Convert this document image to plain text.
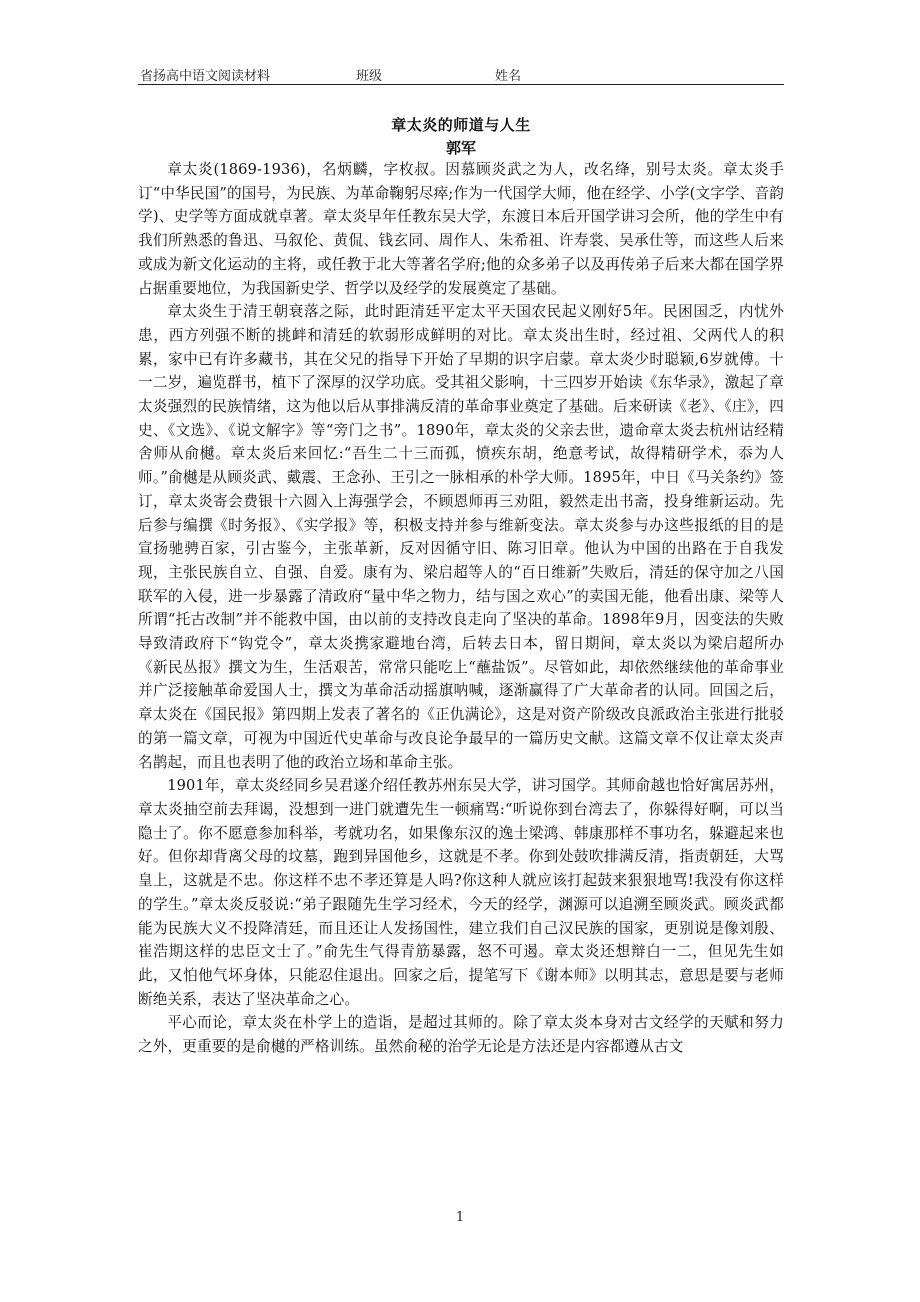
省扬高中语文阅读材料	班级	姓名
章太炎的师道与人生
郭军

章太炎(1869-1936)，名炳麟，字枚叔。因慕顾炎武之为人，改名绛，别号太炎。章太炎手订“中华民国”的国号，为民族、为革命鞠躬尽瘁;作为一代国学大师，他在经学、小学(文字学、音韵学)、史学等方面成就卓著。章太炎早年任教东吴大学，东渡日本后开国学讲习会所，他的学生中有我们所熟悉的鲁迅、马叙伦、黄侃、钱玄同、周作人、朱希祖、许寿裳、吴承仕等，而这些人后来或成为新文化运动的主将，或任教于北大等著名学府;他的众多弟子以及再传弟子后来大都在国学界占据重要地位，为我国新史学、哲学以及经学的发展奠定了基础。

章太炎生于清王朝衰落之际，此时距清廷平定太平天国农民起义刚好5年。民困国乏，内忧外患，西方列强不断的挑衅和清廷的软弱形成鲜明的对比。章太炎出生时，经过祖、父两代人的积累，家中已有许多藏书，其在父兄的指导下开始了早期的识字启蒙。章太炎少时聪颖,6岁就傅。十一二岁，遍览群书，植下了深厚的汉学功底。受其祖父影响，十三四岁开始读《东华录》，激起了章太炎强烈的民族情绪，这为他以后从事排满反清的革命事业奠定了基础。后来研读《老》、《庄》，四史、《文选》、《说文解字》等“旁门之书”。1890年，章太炎的父亲去世，遗命章太炎去杭州诂经精舍师从俞樾。章太炎后来回忆:“吾生二十三而孤，愤疾东胡，绝意考试，故得精研学术，忝为人师。”俞樾是从顾炎武、戴震、王念孙、王引之一脉相承的朴学大师。1895年，中日《马关条约》签订，章太炎寄会费银十六圆入上海强学会，不顾恩师再三劝阻，毅然走出书斋，投身维新运动。先后参与编撰《时务报》、《实学报》等，积极支持并参与维新变法。章太炎参与办这些报纸的目的是宣扬驰骋百家，引古鉴今，主张革新，反对因循守旧、陈习旧章。他认为中国的出路在于自我发现，主张民族自立、自强、自爱。康有为、梁启超等人的“百日维新”失败后，清廷的保守加之八国联军的入侵，进一步暴露了清政府“量中华之物力，结与国之欢心”的卖国无能，他看出康、梁等人所谓“托古改制”并不能救中国，由以前的支持改良走向了坚决的革命。1898年9月，因变法的失败导致清政府下“钩党令”，章太炎携家避地台湾，后转去日本，留日期间，章太炎以为梁启超所办《新民丛报》撰文为生，生活艰苦，常常只能吃上“蘸盐饭”。尽管如此，却依然继续他的革命事业并广泛接触革命爱国人士，撰文为革命活动摇旗呐喊，逐渐赢得了广大革命者的认同。回国之后，章太炎在《国民报》第四期上发表了著名的《正仇满论》，这是对资产阶级改良派政治主张进行批驳的第一篇文章，可视为中国近代史革命与改良论争最早的一篇历史文献。这篇文章不仅让章太炎声名鹊起，而且也表明了他的政治立场和革命主张。

1901年，章太炎经同乡吴君遂介绍任教苏州东吴大学，讲习国学。其师俞越也恰好寓居苏州，章太炎抽空前去拜谒，没想到一进门就遭先生一顿痛骂:“听说你到台湾去了，你躲得好啊，可以当隐士了。你不愿意参加科举，考就功名，如果像东汉的逸士梁鸿、韩康那样不事功名，躲避起来也好。但你却背离父母的坟墓，跑到异国他乡，这就是不孝。你到处鼓吹排满反清，指责朝廷，大骂皇上，这就是不忠。你这样不忠不孝还算是人吗?你这种人就应该打起鼓来狠狠地骂!我没有你这样的学生。”章太炎反驳说:“弟子跟随先生学习经术，今天的经学，渊源可以追溯至顾炎武。顾炎武都能为民族大义不投降清廷，而且还让人发扬国性，建立我们自己汉民族的国家，更别说是像刘殷、崔浩期这样的忠臣文士了。”俞先生气得青筋暴露，怒不可遏。章太炎还想辩白一二，但见先生如此，又怕他气坏身体，只能忍住退出。回家之后，提笔写下《谢本师》以明其志，意思是要与老师断绝关系，表达了坚决革命之心。

平心而论，章太炎在朴学上的造诣，是超过其师的。除了章太炎本身对古文经学的天赋和努力之外，更重要的是俞樾的严格训练。虽然俞秘的治学无论是方法还是内容都遵从古文

1
